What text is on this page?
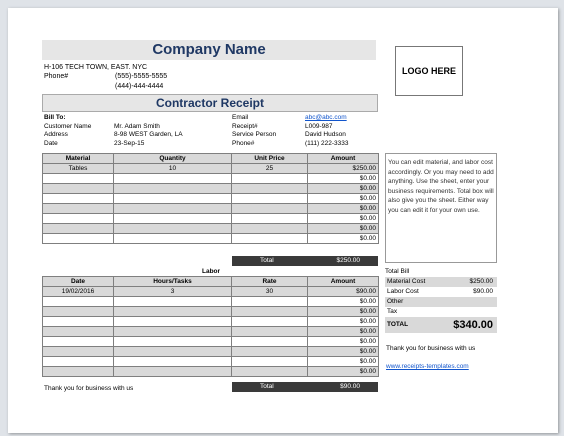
Company Name
H-106 TECH TOWN, EAST. NYC
Phone#	(555)-5555-5555
(444)-444-4444
LOGO HERE
Contractor Receipt
Bill To:
Customer Name	Mr. Adam Smith
Address	8-98 WEST Garden, LA
Date	23-Sep-15
Email	abc@abc.com
Receipt#	L009-987
Service Person	David Hudson
Phone#	(111) 222-3333
Material	Quantity	Unit Price	Amount
Tables	10	25	$250.00
			$0.00
			$0.00
			$0.00
			$0.00
			$0.00
			$0.00
			$0.00
Total	$250.00
Labor
Date	Hours/Tasks	Rate	Amount
19/02/2016	3	30	$90.00
			$0.00
			$0.00
			$0.00
			$0.00
			$0.00
			$0.00
			$0.00
			$0.00
Thank you for business with us	Total	$90.00
You can edit material, and labor cost accordingly. Or you may need to add anything. Use the sheet, enter your business requirements. Total box will also give you the sheet. Either way you can edit it for your own use.
Total Bill
Material Cost	$250.00
Labor Cost	$90.00
Other
Tax
TOTAL	$340.00
Thank you for business with us
www.receipts-templates.com
